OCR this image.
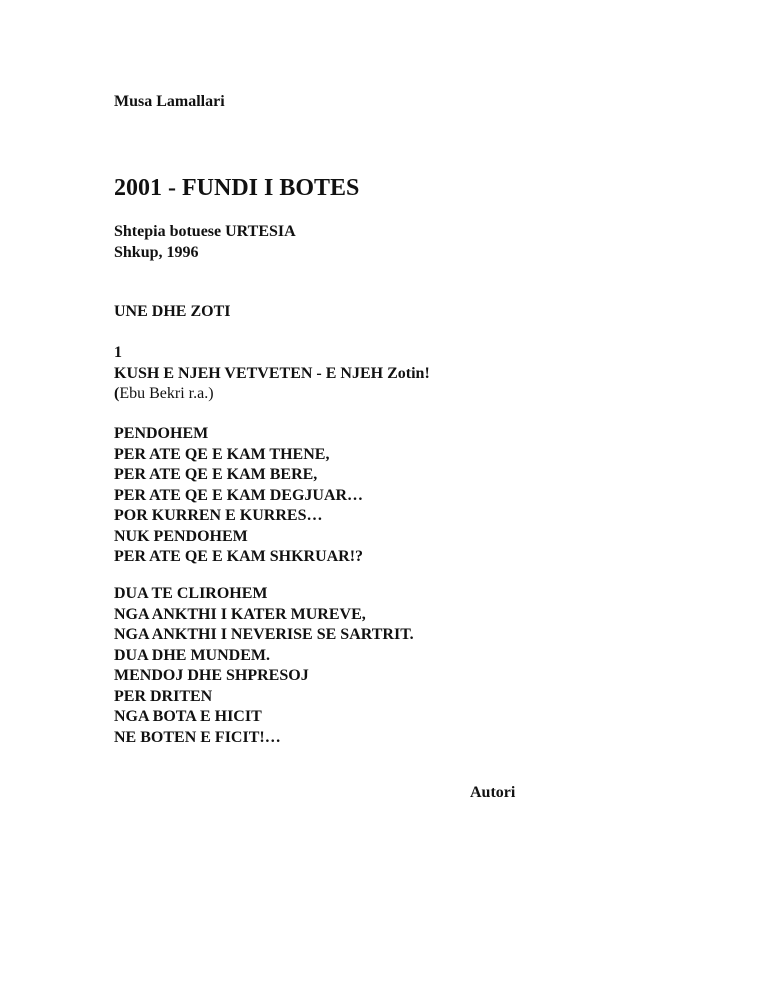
Musa Lamallari

2001 - FUNDI I BOTES

Shtepia botuese URTESIA

Shkup, 1996

UNE DHE ZOTI

1

KUSH E NJEH VETVETEN - E NJEH Zotin!

(Ebu Bekri r.a.)

PENDOHEM
PER ATE QE E KAM THENE,
PER ATE QE E KAM BERE,
PER ATE QE E KAM DEGJUAR…
POR KURREN E KURRES…
NUK PENDOHEM
PER ATE QE E KAM SHKRUAR!?
DUA TE CLIROHEM
NGA ANKTHI I KATER MUREVE,
NGA ANKTHI I NEVERISE SE SARTRIT.
DUA DHE MUNDEM.
MENDOJ DHE SHPRESOJ
PER DRITEN
NGA BOTA E HICIT
NE BOTEN E FICIT!…

Autori
